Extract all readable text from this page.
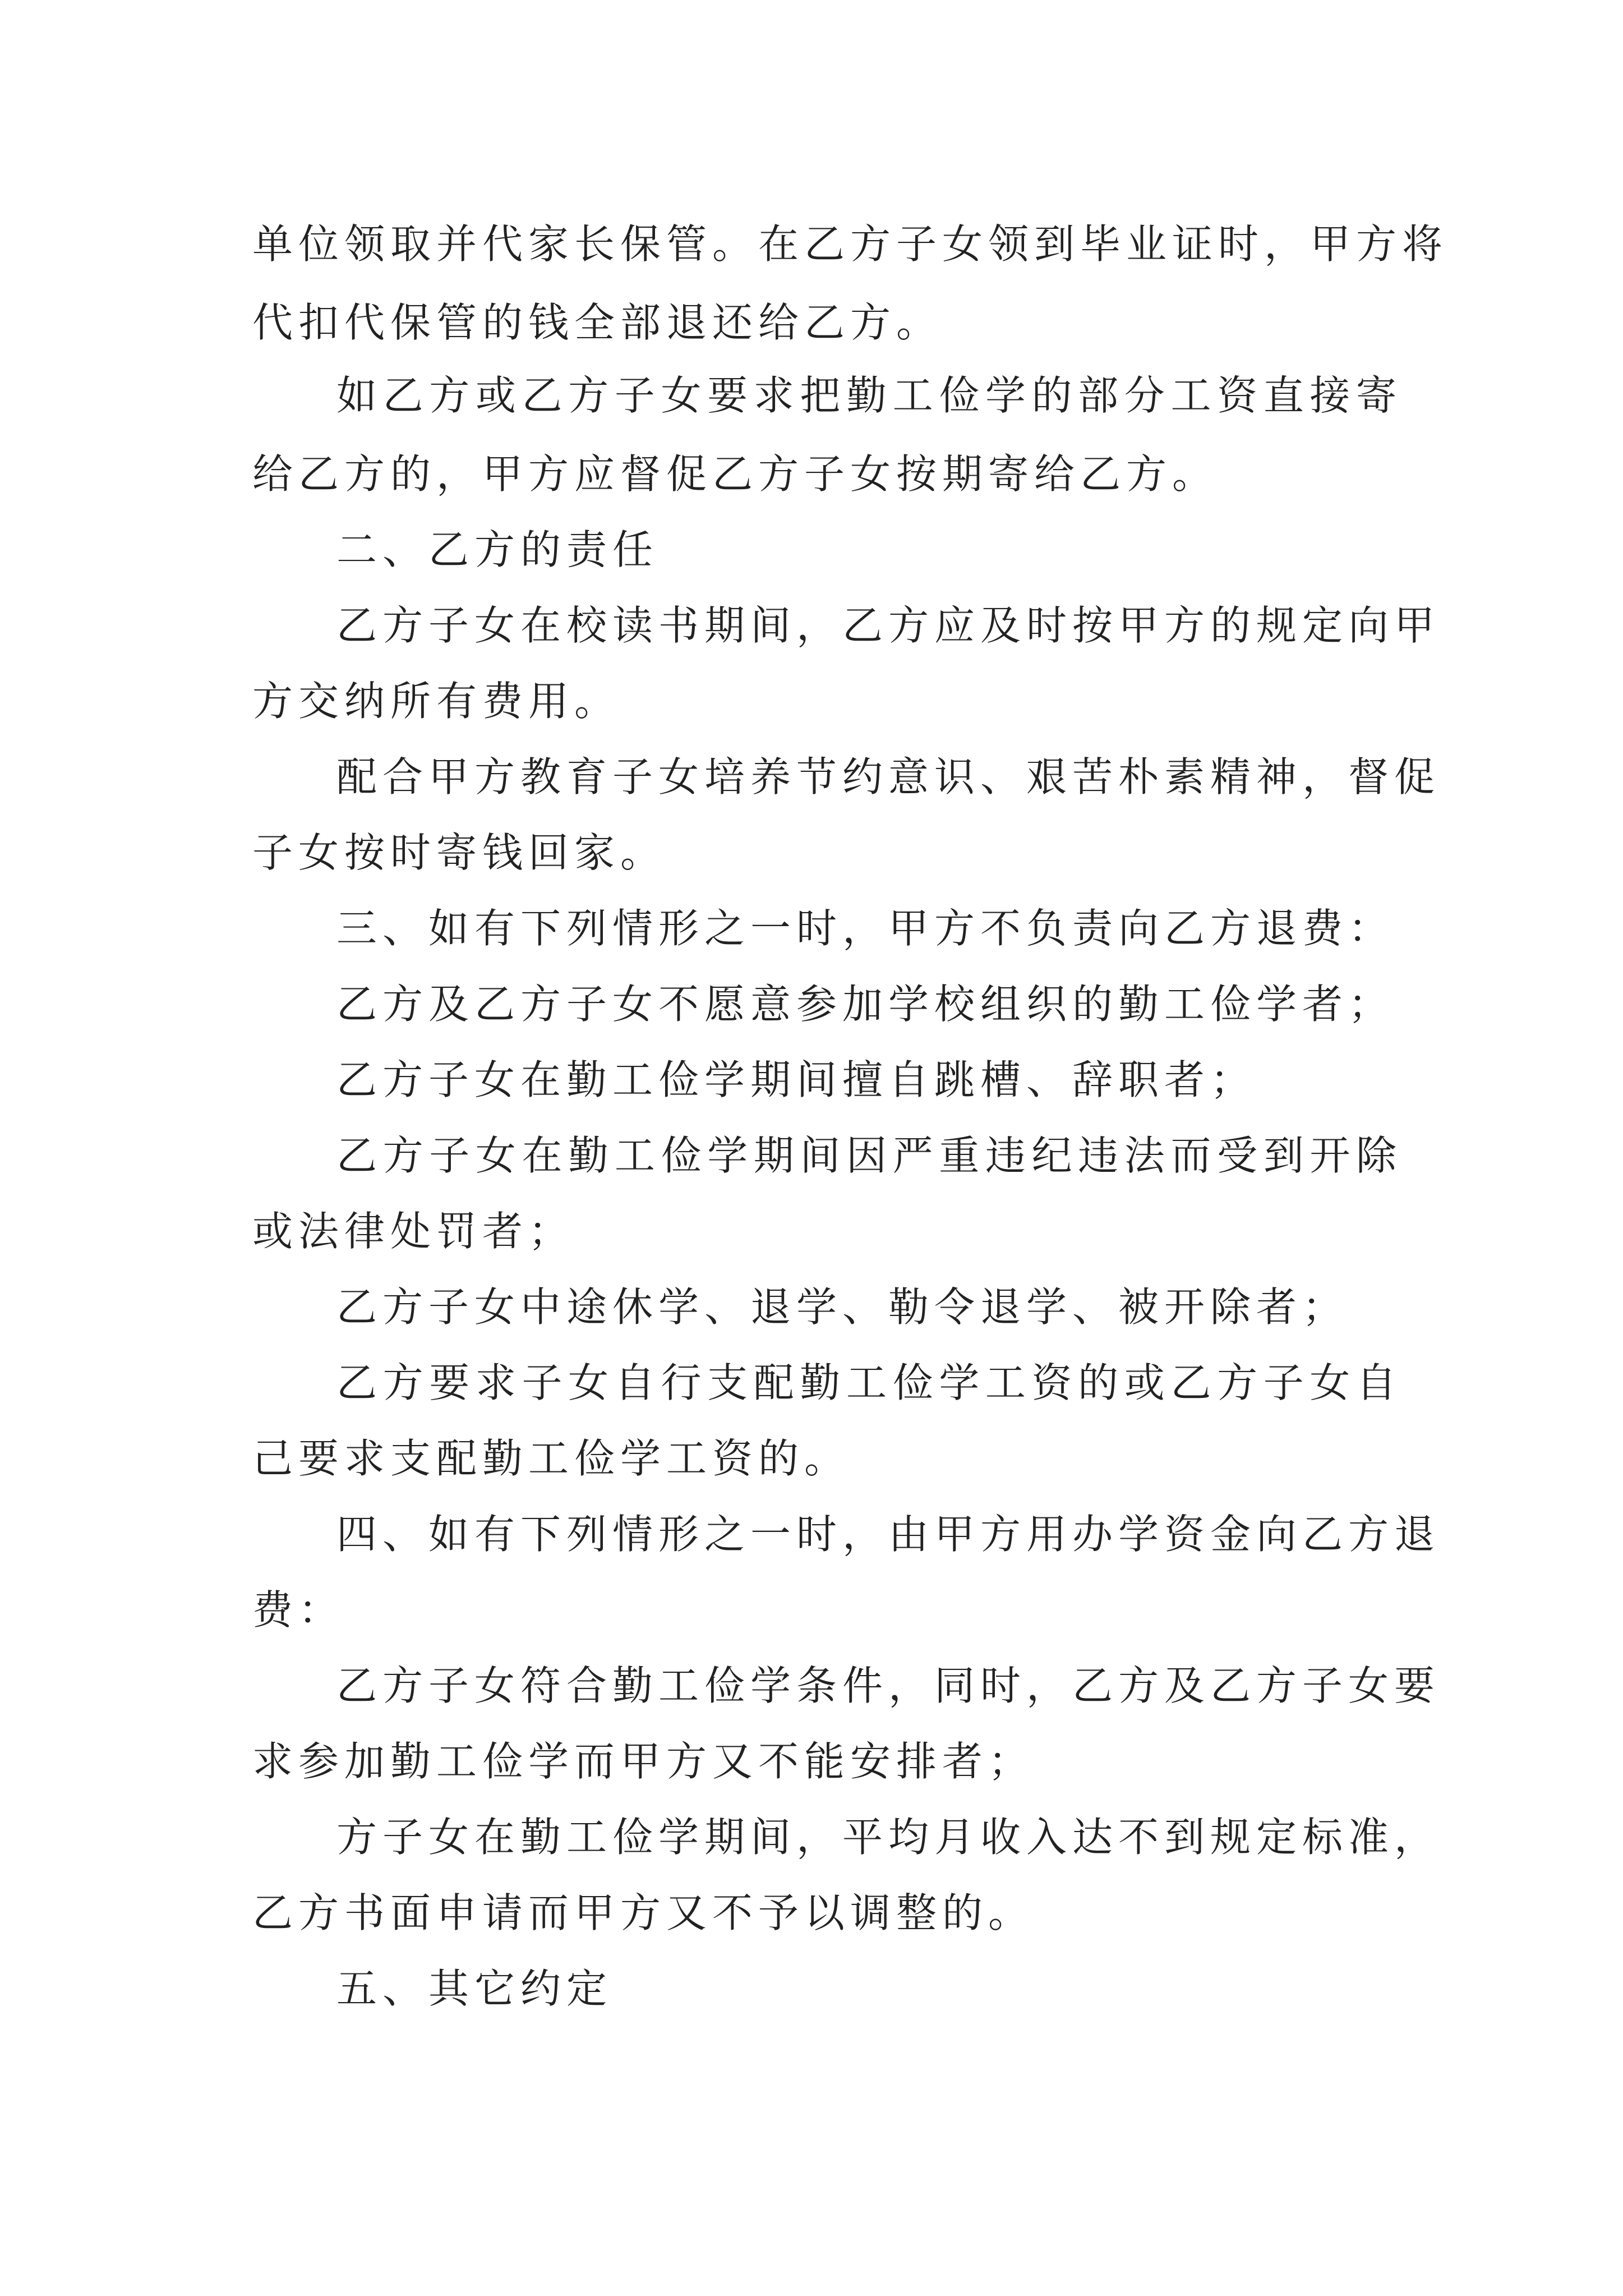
单位领取并代家长保管。在乙方子女领到毕业证时，甲方将
代扣代保管的钱全部退还给乙方。
如乙方或乙方子女要求把勤工俭学的部分工资直接寄
给乙方的，甲方应督促乙方子女按期寄给乙方。
二、乙方的责任
乙方子女在校读书期间，乙方应及时按甲方的规定向甲
方交纳所有费用。
配合甲方教育子女培养节约意识、艰苦朴素精神，督促
子女按时寄钱回家。
三、如有下列情形之一时，甲方不负责向乙方退费：
乙方及乙方子女不愿意参加学校组织的勤工俭学者；
乙方子女在勤工俭学期间擅自跳槽、辞职者；
乙方子女在勤工俭学期间因严重违纪违法而受到开除
或法律处罚者；
乙方子女中途休学、退学、勒令退学、被开除者；
乙方要求子女自行支配勤工俭学工资的或乙方子女自
己要求支配勤工俭学工资的。
四、如有下列情形之一时，由甲方用办学资金向乙方退
费：
乙方子女符合勤工俭学条件，同时，乙方及乙方子女要
求参加勤工俭学而甲方又不能安排者；
方子女在勤工俭学期间，平均月收入达不到规定标准，
乙方书面申请而甲方又不予以调整的。
五、其它约定
